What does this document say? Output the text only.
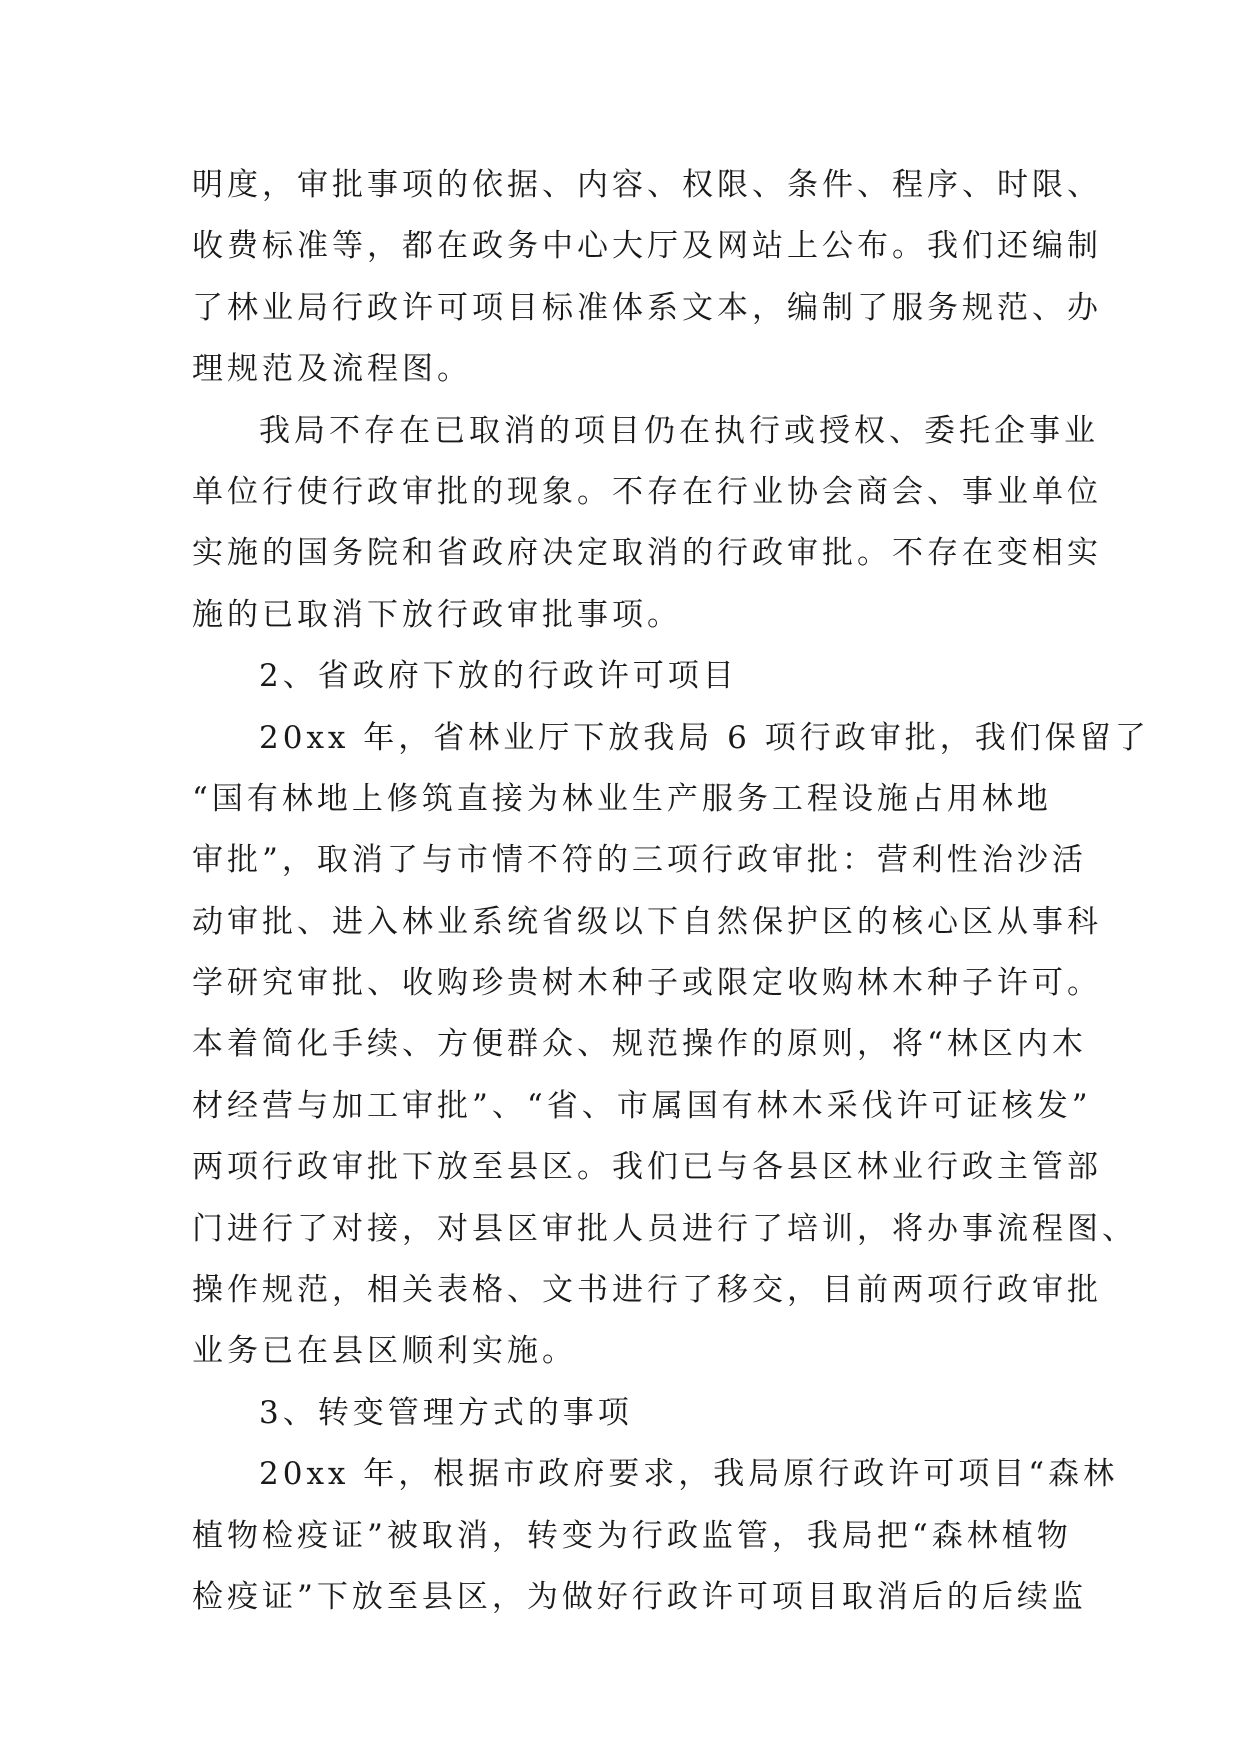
明度，审批事项的依据、内容、权限、条件、程序、时限、
收费标准等，都在政务中心大厅及网站上公布。我们还编制
了林业局行政许可项目标准体系文本，编制了服务规范、办
理规范及流程图。
我局不存在已取消的项目仍在执行或授权、委托企事业
单位行使行政审批的现象。不存在行业协会商会、事业单位
实施的国务院和省政府决定取消的行政审批。不存在变相实
施的已取消下放行政审批事项。
2、省政府下放的行政许可项目
20xx 年，省林业厅下放我局 6 项行政审批，我们保留了
“国有林地上修筑直接为林业生产服务工程设施占用林地
审批”，取消了与市情不符的三项行政审批：营利性治沙活
动审批、进入林业系统省级以下自然保护区的核心区从事科
学研究审批、收购珍贵树木种子或限定收购林木种子许可。
本着简化手续、方便群众、规范操作的原则，将“林区内木
材经营与加工审批”、“省、市属国有林木采伐许可证核发”
两项行政审批下放至县区。我们已与各县区林业行政主管部
门进行了对接，对县区审批人员进行了培训，将办事流程图、
操作规范，相关表格、文书进行了移交，目前两项行政审批
业务已在县区顺利实施。
3、转变管理方式的事项
20xx 年，根据市政府要求，我局原行政许可项目“森林
植物检疫证”被取消，转变为行政监管，我局把“森林植物
检疫证”下放至县区，为做好行政许可项目取消后的后续监
